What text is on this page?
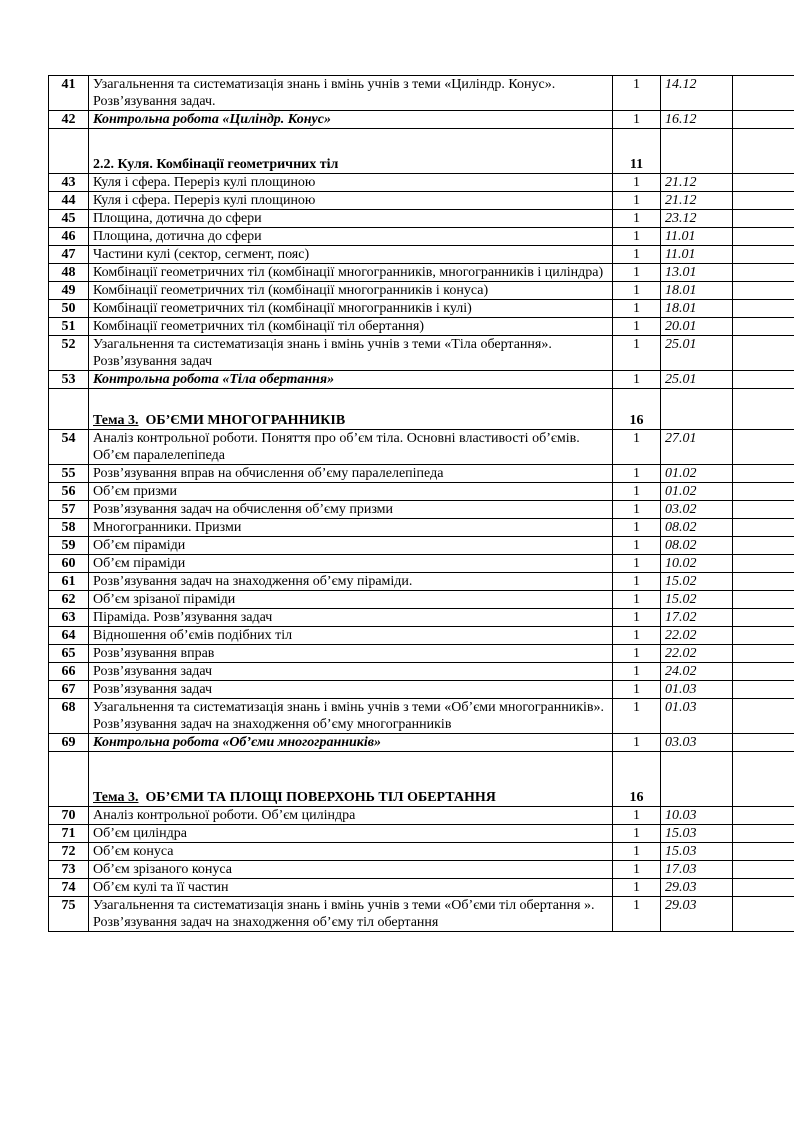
41	Узагальнення та систематизація знань і вмінь учнів з теми «Циліндр. Конус». Розв’язування задач.	1	14.12	
42	Контрольна робота «Циліндр. Конус»	1	16.12	
	2.2. Куля. Комбінації геометричних тіл	11		
43	Куля і сфера. Переріз кулі площиною	1	21.12	
44	Куля і сфера. Переріз кулі площиною	1	21.12	
45	Площина, дотична до сфери	1	23.12	
46	Площина, дотична до сфери	1	11.01	
47	Частини кулі (сектор, сегмент, пояс)	1	11.01	
48	Комбінації геометричних тіл (комбінації многогранників, многогранників і циліндра)	1	13.01	
49	Комбінації геометричних тіл (комбінації многогранників і конуса)	1	18.01	
50	Комбінації геометричних тіл (комбінації многогранників і кулі)	1	18.01	
51	Комбінації геометричних тіл (комбінації тіл обертання)	1	20.01	
52	Узагальнення та систематизація знань і вмінь учнів з теми «Тіла обертання». Розв’язування задач	1	25.01	
53	Контрольна робота «Тіла обертання»	1	25.01	
	Тема 3.  ОБ’ЄМИ МНОГОГРАННИКІВ	16		
54	Аналіз контрольної роботи. Поняття про об’єм тіла. Основні властивості об’ємів. Об’єм паралелепіпеда	1	27.01	
55	Розв’язування вправ на обчислення об’єму паралелепіпеда	1	01.02	
56	Об’єм призми	1	01.02	
57	Розв’язування задач на обчислення об’єму призми	1	03.02	
58	Многогранники. Призми	1	08.02	
59	Об’єм піраміди	1	08.02	
60	Об’єм піраміди	1	10.02	
61	Розв’язування задач на знаходження об’єму піраміди.	1	15.02	
62	Об’єм зрізаної піраміди	1	15.02	
63	Піраміда. Розв’язування задач	1	17.02	
64	Відношення об’ємів подібних тіл	1	22.02	
65	Розв’язування вправ	1	22.02	
66	Розв’язування задач	1	24.02	
67	Розв’язування задач	1	01.03	
68	Узагальнення та систематизація знань і вмінь учнів з теми «Об’єми многогранників». Розв’язування задач на знаходження об’єму многогранників	1	01.03	
69	Контрольна робота «Об’єми многогранників»	1	03.03	
	Тема 3.  ОБ’ЄМИ ТА ПЛОЩІ ПОВЕРХОНЬ ТІЛ ОБЕРТАННЯ	16		
70	Аналіз контрольної роботи. Об’єм циліндра	1	10.03	
71	Об’єм циліндра	1	15.03	
72	Об’єм конуса	1	15.03	
73	Об’єм зрізаного конуса	1	17.03	
74	Об’єм кулі та її частин	1	29.03	
75	Узагальнення та систематизація знань і вмінь учнів з теми «Об’єми тіл обертання ». Розв’язування задач на знаходження об’єму тіл обертання	1	29.03	
